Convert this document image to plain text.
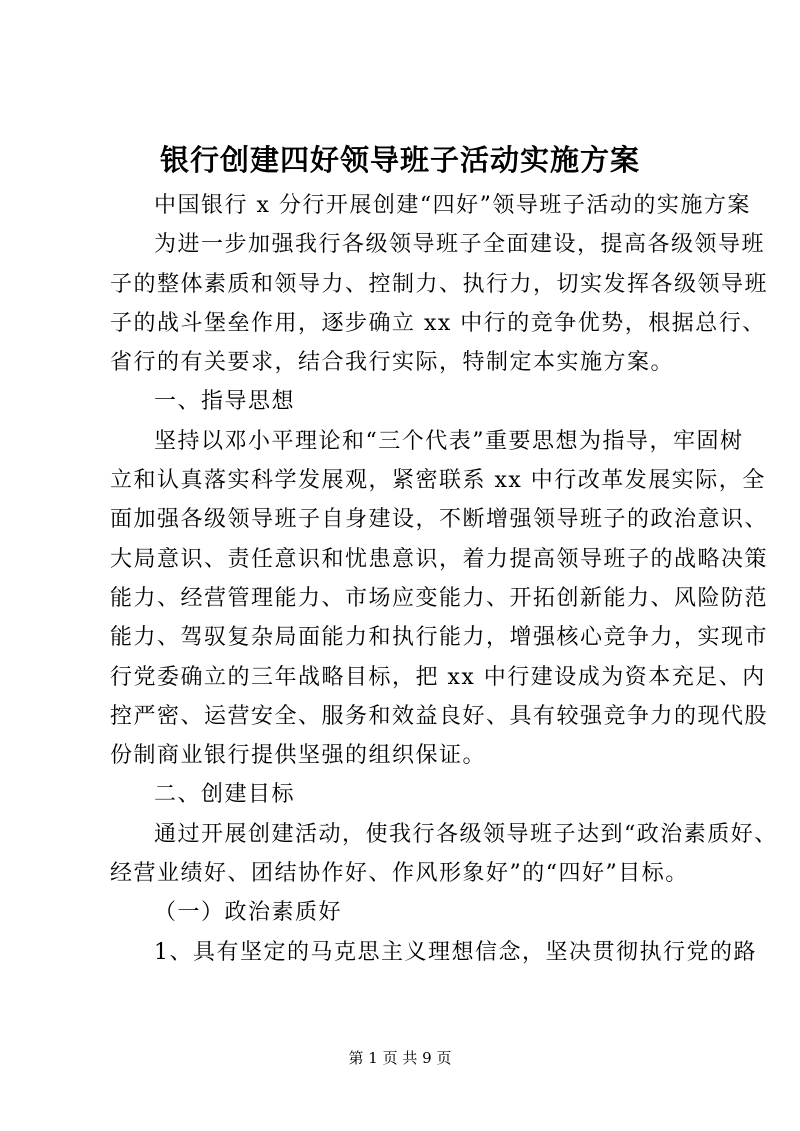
银行创建四好领导班子活动实施方案
中国银行 x 分行开展创建“四好”领导班子活动的实施方案
为进一步加强我行各级领导班子全面建设，提高各级领导班
子的整体素质和领导力、控制力、执行力，切实发挥各级领导班
子的战斗堡垒作用，逐步确立 xx 中行的竞争优势，根据总行、
省行的有关要求，结合我行实际，特制定本实施方案。
一、指导思想
坚持以邓小平理论和“三个代表”重要思想为指导，牢固树
立和认真落实科学发展观，紧密联系 xx 中行改革发展实际，全
面加强各级领导班子自身建设，不断增强领导班子的政治意识、
大局意识、责任意识和忧患意识，着力提高领导班子的战略决策
能力、经营管理能力、市场应变能力、开拓创新能力、风险防范
能力、驾驭复杂局面能力和执行能力，增强核心竞争力，实现市
行党委确立的三年战略目标，把 xx 中行建设成为资本充足、内
控严密、运营安全、服务和效益良好、具有较强竞争力的现代股
份制商业银行提供坚强的组织保证。
二、创建目标
通过开展创建活动，使我行各级领导班子达到“政治素质好、
经营业绩好、团结协作好、作风形象好”的“四好”目标。
（一）政治素质好
1、具有坚定的马克思主义理想信念，坚决贯彻执行党的路
第 1 页 共 9 页
